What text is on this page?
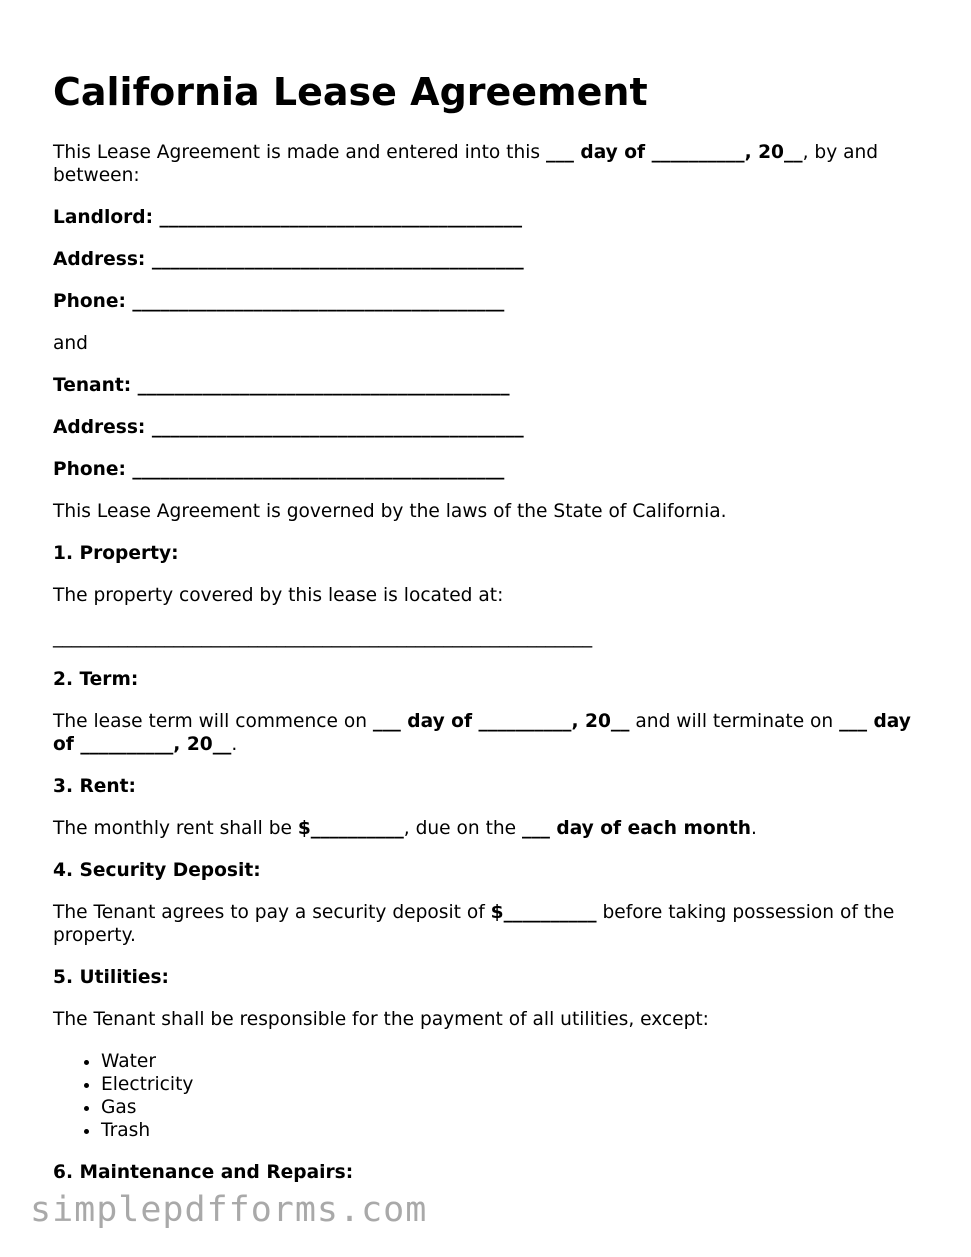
California Lease Agreement

This Lease Agreement is made and entered into this ___ day of __________, 20__, by and between:

Landlord: _______________________________________

Address: ________________________________________

Phone: ________________________________________

and

Tenant: ________________________________________

Address: ________________________________________

Phone: ________________________________________

This Lease Agreement is governed by the laws of the State of California.

1. Property:

The property covered by this lease is located at:

__________________________________________________________

2. Term:

The lease term will commence on ___ day of __________, 20__ and will terminate on ___ day of __________, 20__.

3. Rent:

The monthly rent shall be $__________, due on the ___ day of each month.

4. Security Deposit:

The Tenant agrees to pay a security deposit of $__________ before taking possession of the property.

5. Utilities:

The Tenant shall be responsible for the payment of all utilities, except:

• Water
• Electricity
• Gas
• Trash

6. Maintenance and Repairs:

simplepdfforms.com
